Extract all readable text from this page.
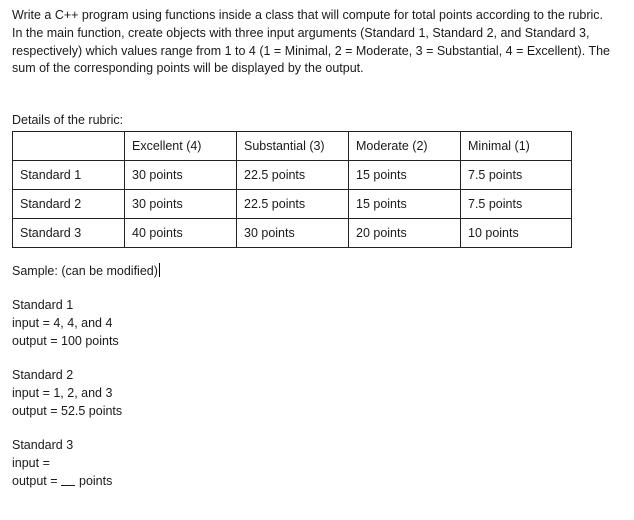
Write a C++ program using functions inside a class that will compute for total points according to the rubric. In the main function, create objects with three input arguments (Standard 1, Standard 2, and Standard 3, respectively) which values range from 1 to 4 (1 = Minimal, 2 = Moderate, 3 = Substantial, 4 = Excellent). The sum of the corresponding points will be displayed by the output.

Details of the rubric:
	Excellent (4)	Substantial (3)	Moderate (2)	Minimal (1)
Standard 1	30 points	22.5 points	15 points	7.5 points
Standard 2	30 points	22.5 points	15 points	7.5 points
Standard 3	40 points	30 points	20 points	10 points
Sample: (can be modified)
Standard 1
input = 4, 4, and 4
output = 100 points
Standard 2
input = 1, 2, and 3
output = 52.5 points
Standard 3
input =
output = points
